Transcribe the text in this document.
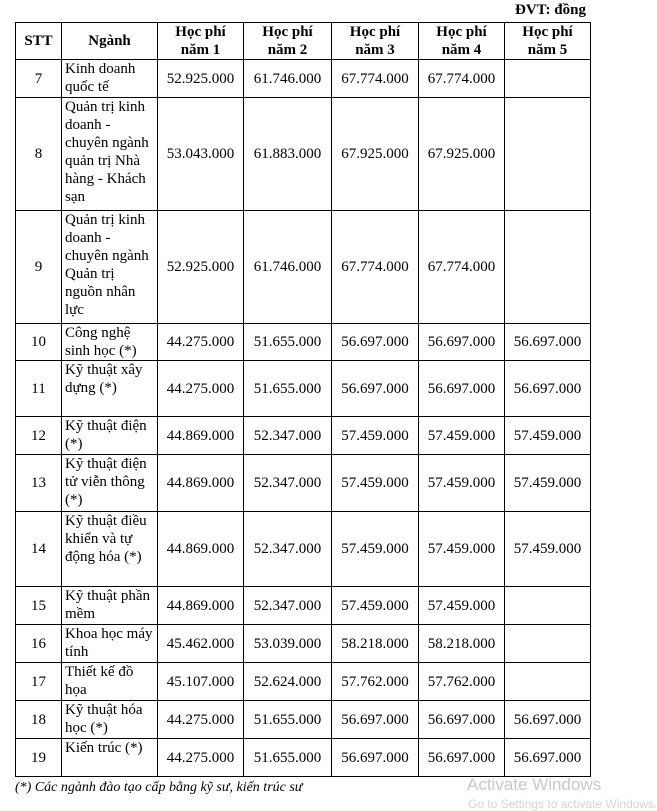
ĐVT: đồng
STT	Ngành	Học phí năm 1	Học phí năm 2	Học phí năm 3	Học phí năm 4	Học phí năm 5
7	Kinh doanh quốc tế	52.925.000	61.746.000	67.774.000	67.774.000	
8	Quản trị kinh doanh - chuyên ngành quản trị Nhà hàng - Khách sạn	53.043.000	61.883.000	67.925.000	67.925.000	
9	Quản trị kinh doanh - chuyên ngành Quản trị nguồn nhân lực	52.925.000	61.746.000	67.774.000	67.774.000	
10	Công nghệ sinh học (*)	44.275.000	51.655.000	56.697.000	56.697.000	56.697.000
11	Kỹ thuật xây dựng (*)	44.275.000	51.655.000	56.697.000	56.697.000	56.697.000
12	Kỹ thuật điện (*)	44.869.000	52.347.000	57.459.000	57.459.000	57.459.000
13	Kỹ thuật điện tử viễn thông (*)	44.869.000	52.347.000	57.459.000	57.459.000	57.459.000
14	Kỹ thuật điều khiển và tự động hóa (*)	44.869.000	52.347.000	57.459.000	57.459.000	57.459.000
15	Kỹ thuật phần mềm	44.869.000	52.347.000	57.459.000	57.459.000	
16	Khoa học máy tính	45.462.000	53.039.000	58.218.000	58.218.000	
17	Thiết kế đồ họa	45.107.000	52.624.000	57.762.000	57.762.000	
18	Kỹ thuật hóa học (*)	44.275.000	51.655.000	56.697.000	56.697.000	56.697.000
19	Kiến trúc (*)	44.275.000	51.655.000	56.697.000	56.697.000	56.697.000
(*) Các ngành đào tạo cấp bằng kỹ sư, kiến trúc sư	Activate Windows
Go to Settings to activate Windows.
